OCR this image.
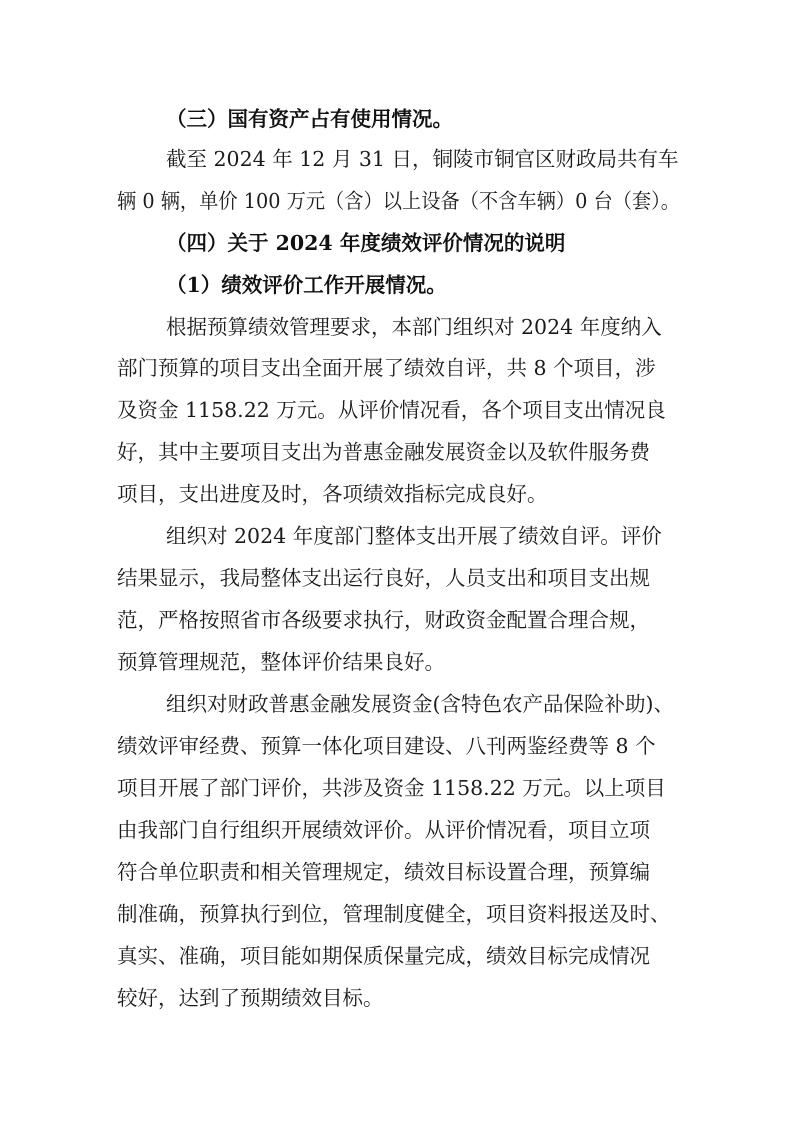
（三）国有资产占有使用情况。
截至 2024 年 12 月 31 日，铜陵市铜官区财政局共有车
辆 0 辆，单价 100 万元（含）以上设备（不含车辆）0 台（套）。
（四）关于 2024 年度绩效评价情况的说明
（1）绩效评价工作开展情况。
根据预算绩效管理要求，本部门组织对 2024 年度纳入
部门预算的项目支出全面开展了绩效自评，共 8 个项目，涉
及资金 1158.22 万元。从评价情况看，各个项目支出情况良
好，其中主要项目支出为普惠金融发展资金以及软件服务费
项目，支出进度及时，各项绩效指标完成良好。
组织对 2024 年度部门整体支出开展了绩效自评。评价
结果显示，我局整体支出运行良好，人员支出和项目支出规
范，严格按照省市各级要求执行，财政资金配置合理合规，
预算管理规范，整体评价结果良好。
组织对财政普惠金融发展资金(含特色农产品保险补助)、
绩效评审经费、预算一体化项目建设、八刊两鉴经费等 8 个
项目开展了部门评价，共涉及资金 1158.22 万元。以上项目
由我部门自行组织开展绩效评价。从评价情况看，项目立项
符合单位职责和相关管理规定，绩效目标设置合理，预算编
制准确，预算执行到位，管理制度健全，项目资料报送及时、
真实、准确，项目能如期保质保量完成，绩效目标完成情况
较好，达到了预期绩效目标。
